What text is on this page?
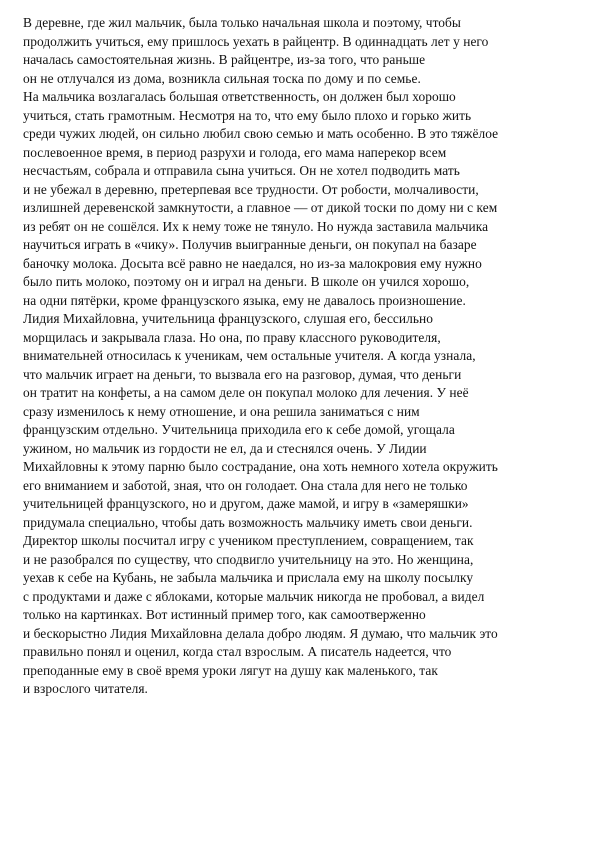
В деревне, где жил мальчик, была только начальная школа и поэтому, чтобы
продолжить учиться, ему пришлось уехать в райцентр. В одиннадцать лет у него
началась самостоятельная жизнь. В райцентре, из-за того, что раньше
он не отлучался из дома, возникла сильная тоска по дому и по семье.
На мальчика возлагалась большая ответственность, он должен был хорошо
учиться, стать грамотным. Несмотря на то, что ему было плохо и горько жить
среди чужих людей, он сильно любил свою семью и мать особенно. В это тяжёлое
послевоенное время, в период разрухи и голода, его мама наперекор всем
несчастьям, собрала и отправила сына учиться. Он не хотел подводить мать
и не убежал в деревню, претерпевая все трудности. От робости, молчаливости,
излишней деревенской замкнутости, а главное — от дикой тоски по дому ни с кем
из ребят он не сошёлся. Их к нему тоже не тянуло. Но нужда заставила мальчика
научиться играть в «чику». Получив выигранные деньги, он покупал на базаре
баночку молока. Досыта всё равно не наедался, но из-за малокровия ему нужно
было пить молоко, поэтому он и играл на деньги. В школе он учился хорошо,
на одни пятёрки, кроме французского языка, ему не давалось произношение.
Лидия Михайловна, учительница французского, слушая его, бессильно
морщилась и закрывала глаза. Но она, по праву классного руководителя,
внимательней относилась к ученикам, чем остальные учителя. А когда узнала,
что мальчик играет на деньги, то вызвала его на разговор, думая, что деньги
он тратит на конфеты, а на самом деле он покупал молоко для лечения. У неё
сразу изменилось к нему отношение, и она решила заниматься с ним
французским отдельно. Учительница приходила его к себе домой, угощала
ужином, но мальчик из гордости не ел, да и стеснялся очень. У Лидии
Михайловны к этому парню было сострадание, она хоть немного хотела окружить
его вниманием и заботой, зная, что он голодает. Она стала для него не только
учительницей французского, но и другом, даже мамой, и игру в «замеряшки»
придумала специально, чтобы дать возможность мальчику иметь свои деньги.
Директор школы посчитал игру с учеником преступлением, совращением, так
и не разобрался по существу, что сподвигло учительницу на это. Но женщина,
уехав к себе на Кубань, не забыла мальчика и прислала ему на школу посылку
с продуктами и даже с яблоками, которые мальчик никогда не пробовал, а видел
только на картинках. Вот истинный пример того, как самоотверженно
и бескорыстно Лидия Михайловна делала добро людям. Я думаю, что мальчик это
правильно понял и оценил, когда стал взрослым. А писатель надеется, что
преподанные ему в своё время уроки лягут на душу как маленького, так
и взрослого читателя.
